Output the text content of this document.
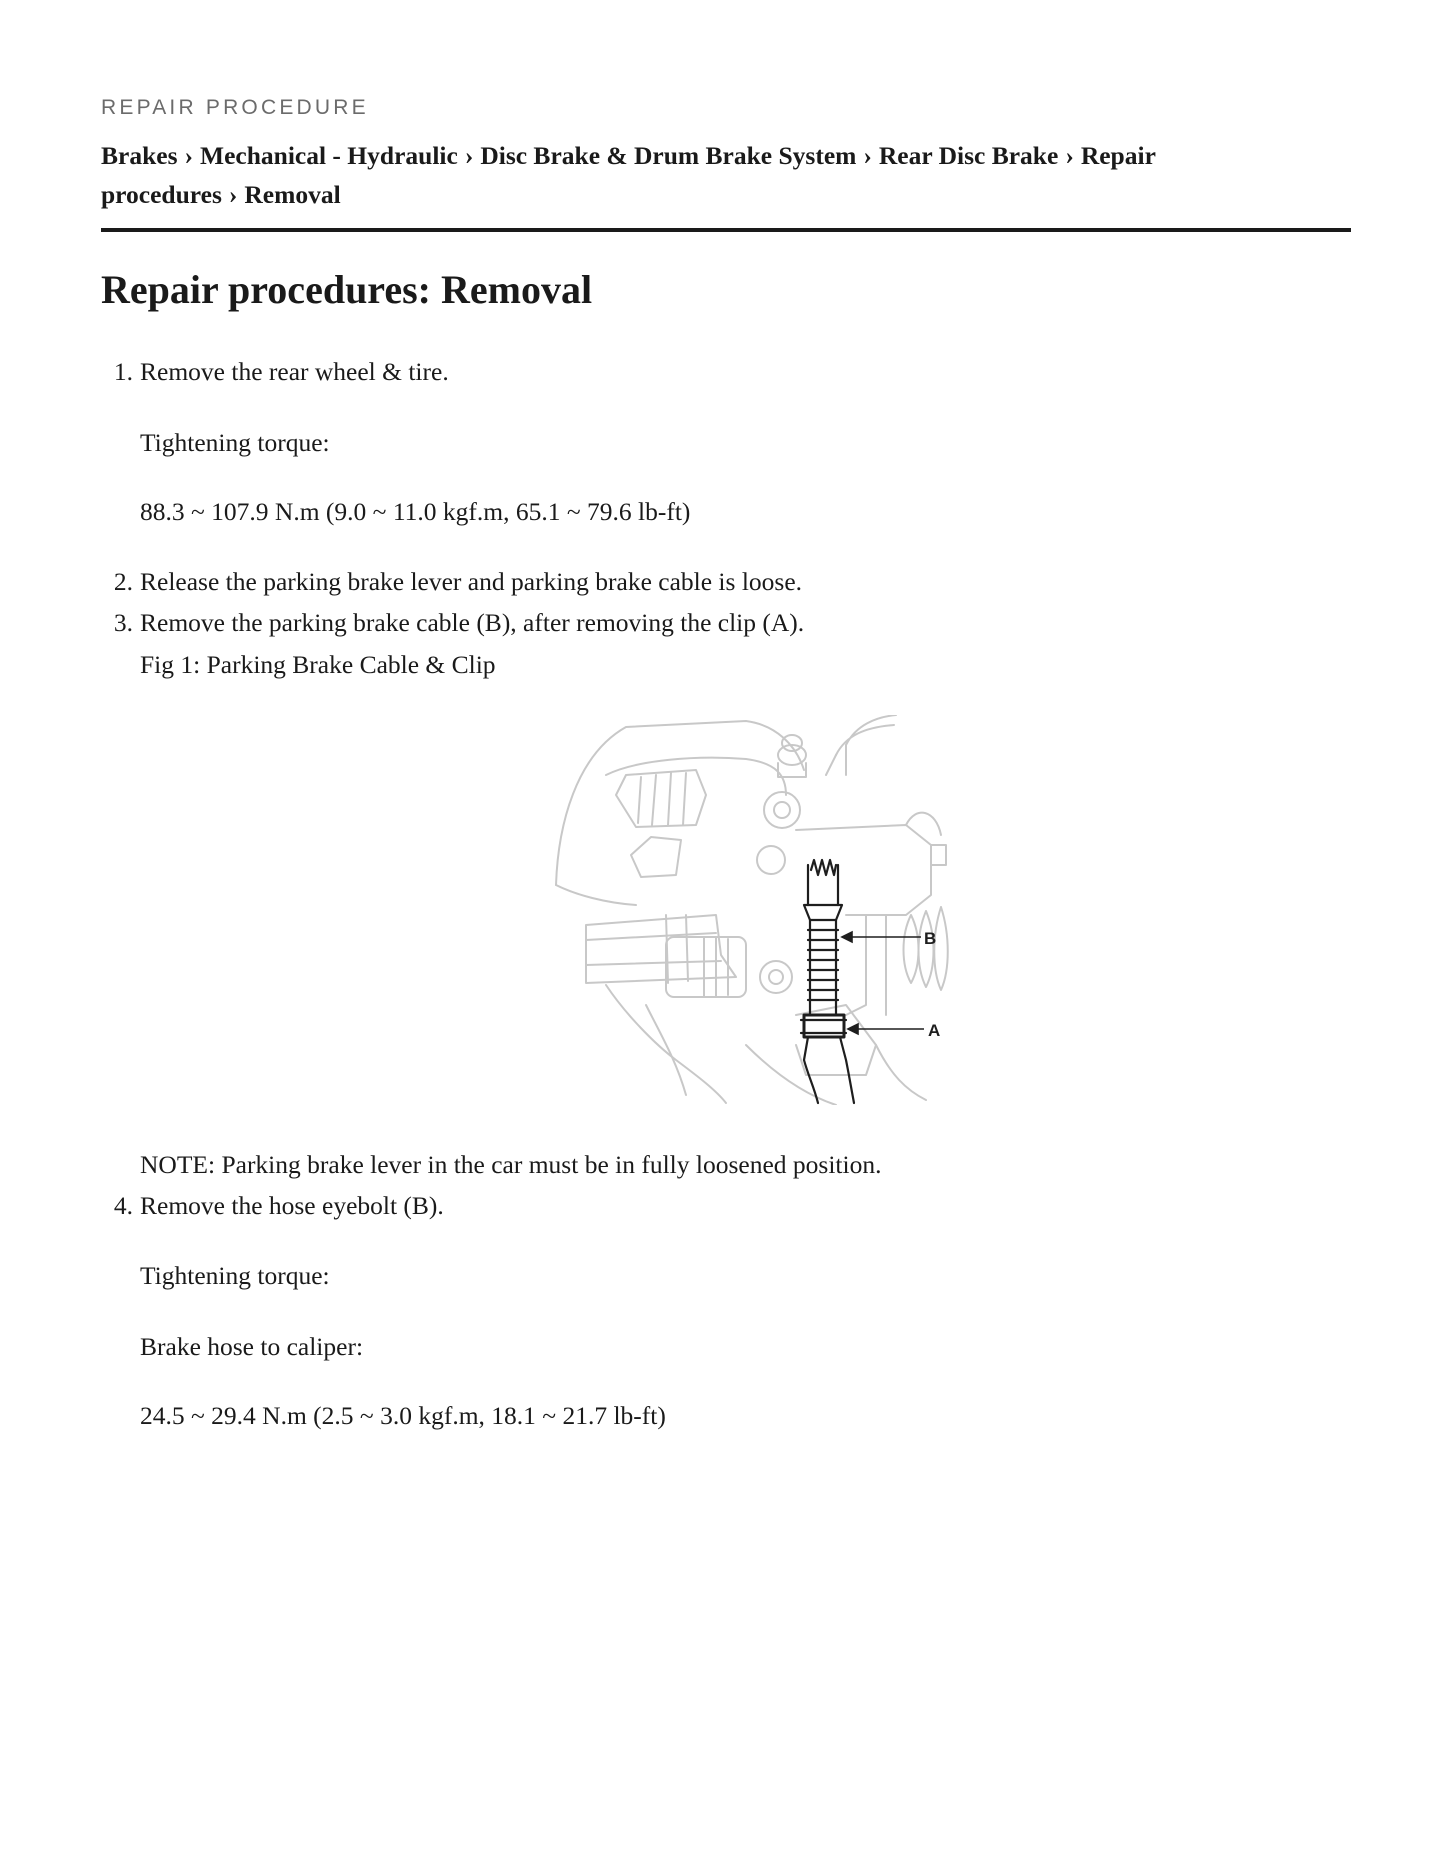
REPAIR PROCEDURE
Brakes › Mechanical - Hydraulic › Disc Brake & Drum Brake System › Rear Disc Brake › Repair procedures › Removal
Repair procedures: Removal
1. Remove the rear wheel & tire.
Tightening torque:
88.3 ~ 107.9 N.m (9.0 ~ 11.0 kgf.m, 65.1 ~ 79.6 lb-ft)
2. Release the parking brake lever and parking brake cable is loose.
3. Remove the parking brake cable (B), after removing the clip (A).
Fig 1: Parking Brake Cable & Clip
NOTE: Parking brake lever in the car must be in fully loosened position.
4. Remove the hose eyebolt (B).
Tightening torque:
Brake hose to caliper:
24.5 ~ 29.4 N.m (2.5 ~ 3.0 kgf.m, 18.1 ~ 21.7 lb-ft)
B
A
